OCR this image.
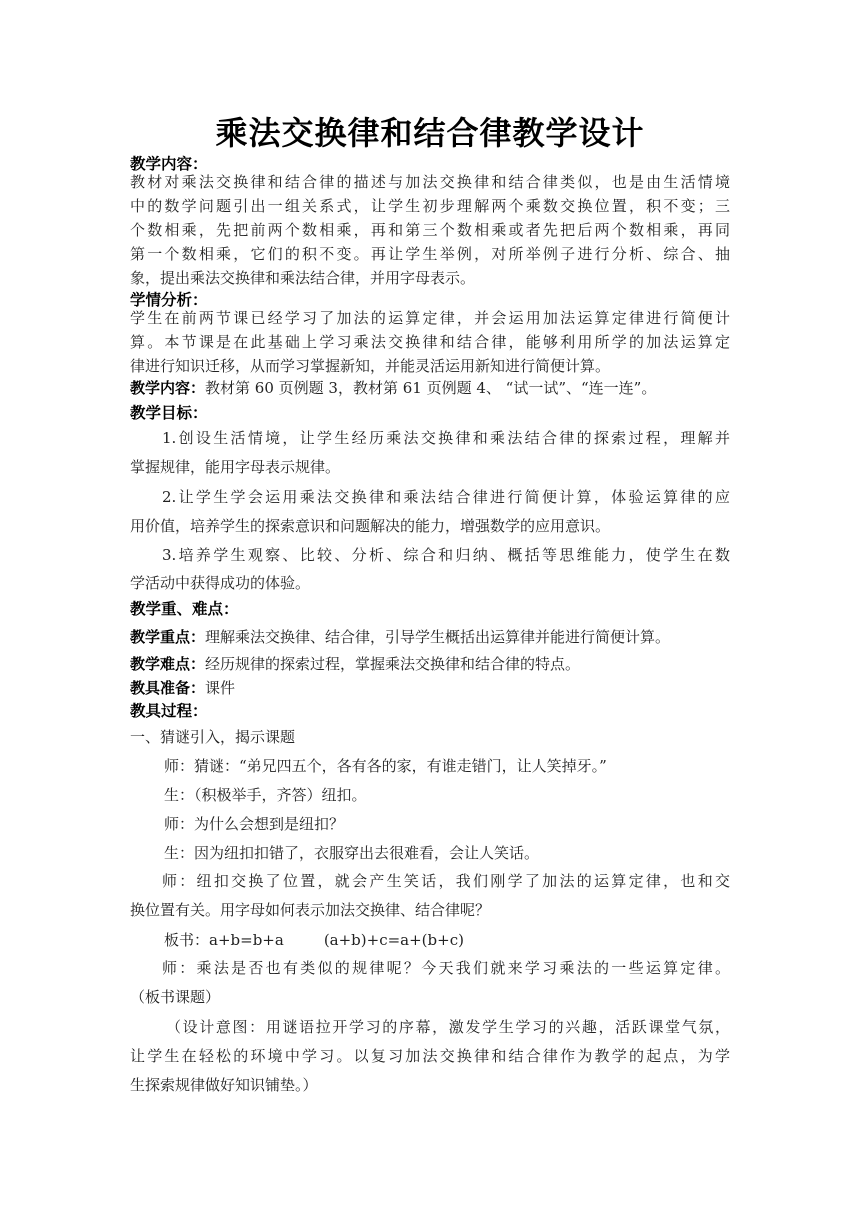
乘法交换律和结合律教学设计
教学内容：
教材对乘法交换律和结合律的描述与加法交换律和结合律类似，也是由生活情境
中的数学问题引出一组关系式，让学生初步理解两个乘数交换位置，积不变；三
个数相乘，先把前两个数相乘，再和第三个数相乘或者先把后两个数相乘，再同
第一个数相乘，它们的积不变。再让学生举例，对所举例子进行分析、综合、抽
象，提出乘法交换律和乘法结合律，并用字母表示。
学情分析：
学生在前两节课已经学习了加法的运算定律，并会运用加法运算定律进行简便计
算。本节课是在此基础上学习乘法交换律和结合律，能够利用所学的加法运算定
律进行知识迁移，从而学习掌握新知，并能灵活运用新知进行简便计算。
教学内容：教材第 60 页例题 3，教材第 61 页例题 4、 “试一试”、“连一连”。
教学目标：
1.创设生活情境，让学生经历乘法交换律和乘法结合律的探索过程，理解并
掌握规律，能用字母表示规律。
2.让学生学会运用乘法交换律和乘法结合律进行简便计算，体验运算律的应
用价值，培养学生的探索意识和问题解决的能力，增强数学的应用意识。
3.培养学生观察、比较、分析、综合和归纳、概括等思维能力，使学生在数
学活动中获得成功的体验。
教学重、难点：
教学重点：理解乘法交换律、结合律，引导学生概括出运算律并能进行简便计算。
教学难点：经历规律的探索过程，掌握乘法交换律和结合律的特点。
教具准备：课件
教具过程：
一、猜谜引入，揭示课题
师：猜谜：“弟兄四五个，各有各的家，有谁走错门，让人笑掉牙。”
生：（积极举手，齐答）纽扣。
师：为什么会想到是纽扣？
生：因为纽扣扣错了，衣服穿出去很难看，会让人笑话。
师：纽扣交换了位置，就会产生笑话，我们刚学了加法的运算定律，也和交
换位置有关。用字母如何表示加法交换律、结合律呢？
板书：a+b=b+a	(a+b)+c=a+(b+c)
师：乘法是否也有类似的规律呢？今天我们就来学习乘法的一些运算定律。
（板书课题）
（设计意图：用谜语拉开学习的序幕，激发学生学习的兴趣，活跃课堂气氛，
让学生在轻松的环境中学习。以复习加法交换律和结合律作为教学的起点，为学
生探索规律做好知识铺垫。）
